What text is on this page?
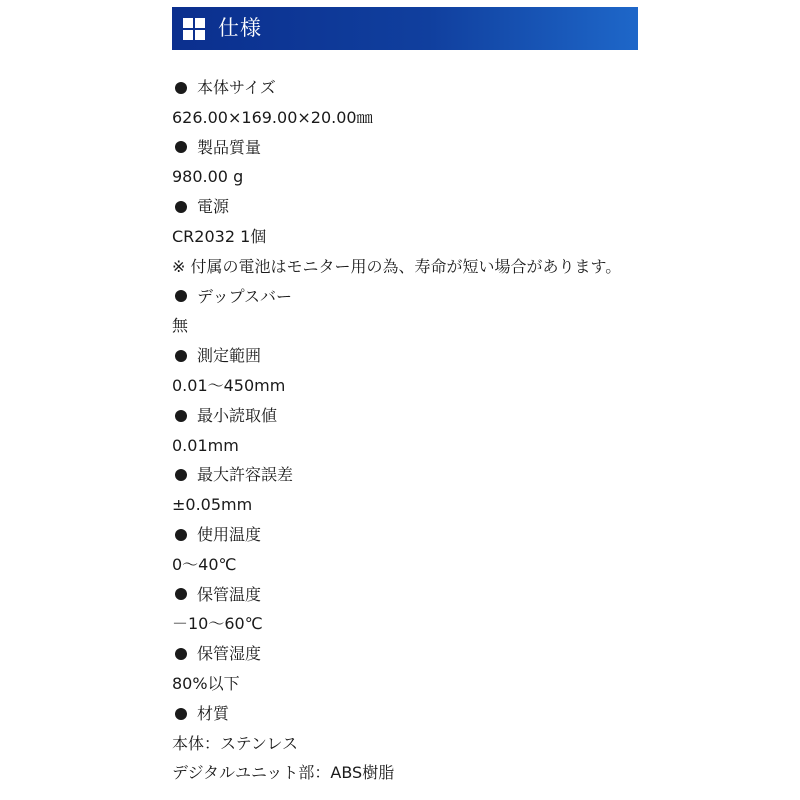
仕様
本体サイズ
626.00×169.00×20.00㎜
製品質量
980.00 g
電源
CR2032 1個
※ 付属の電池はモニター用の為、寿命が短い場合があります。
デップスバー
無
測定範囲
0.01～450mm
最小読取値
0.01mm
最大許容誤差
±0.05mm
使用温度
0～40℃
保管温度
－10～60℃
保管湿度
80%以下
材質
本体：ステンレス
デジタルユニット部：ABS樹脂
